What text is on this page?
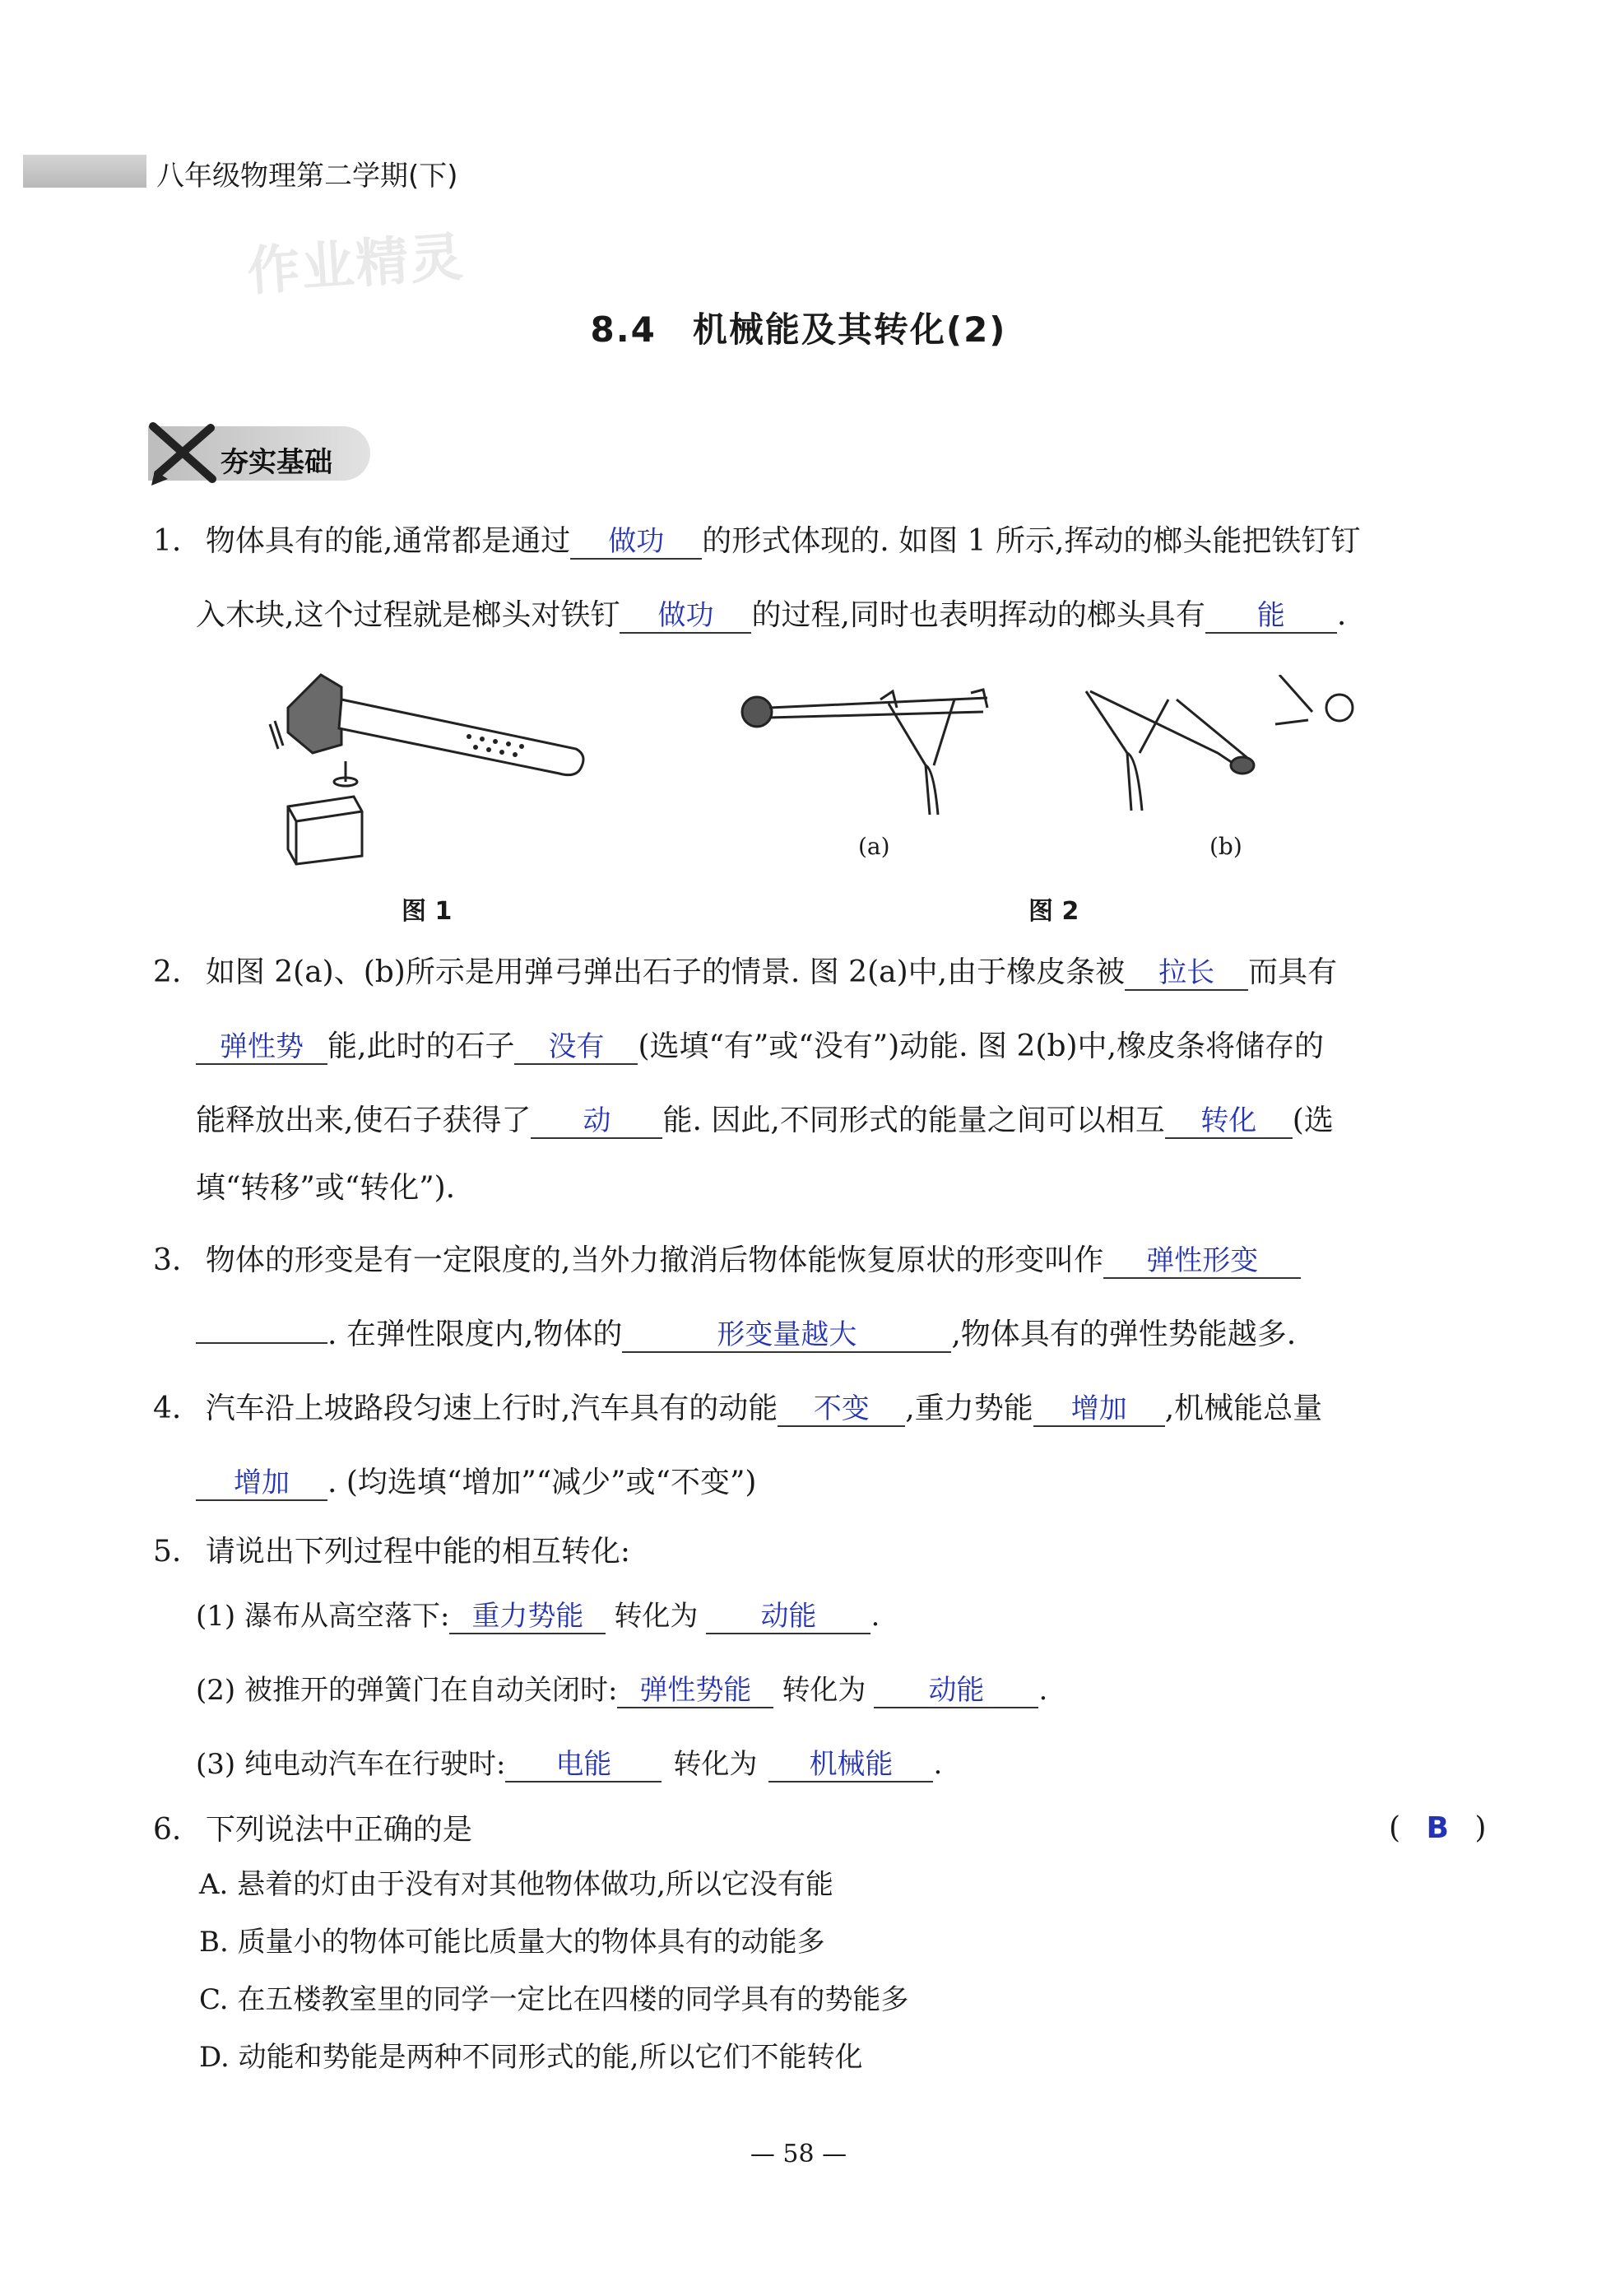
八年级物理第二学期(下)
作业精灵
8.4　机械能及其转化(2)
夯实基础
1. 物体具有的能,通常都是通过 做功 的形式体现的. 如图 1 所示,挥动的榔头能把铁钉钉
入木块,这个过程就是榔头对铁钉 做功 的过程,同时也表明挥动的榔头具有 能 .
(a)	(b)
图 1	图 2
2. 如图 2(a)、(b)所示是用弹弓弹出石子的情景. 图 2(a)中,由于橡皮条被 拉长 而具有
弹性势 能,此时的石子 没有 (选填“有”或“没有”)动能. 图 2(b)中,橡皮条将储存的
能释放出来,使石子获得了 动 能. 因此,不同形式的能量之间可以相互 转化 (选
填“转移”或“转化”).
3. 物体的形变是有一定限度的,当外力撤消后物体能恢复原状的形变叫作 弹性形变
. 在弹性限度内,物体的	形变量越大	,物体具有的弹性势能越多.
4. 汽车沿上坡路段匀速上行时,汽车具有的动能 不变 ,重力势能 增加 ,机械能总量
增加 . (均选填“增加”“减少”或“不变”)
5. 请说出下列过程中能的相互转化:
(1) 瀑布从高空落下: 重力势能 转化为 动能 .
(2) 被推开的弹簧门在自动关闭时: 弹性势能 转化为 动能 .
(3) 纯电动汽车在行驶时: 电能 转化为 机械能 .
6. 下列说法中正确的是	( B )
A. 悬着的灯由于没有对其他物体做功,所以它没有能
B. 质量小的物体可能比质量大的物体具有的动能多
C. 在五楼教室里的同学一定比在四楼的同学具有的势能多
D. 动能和势能是两种不同形式的能,所以它们不能转化
— 58 —
